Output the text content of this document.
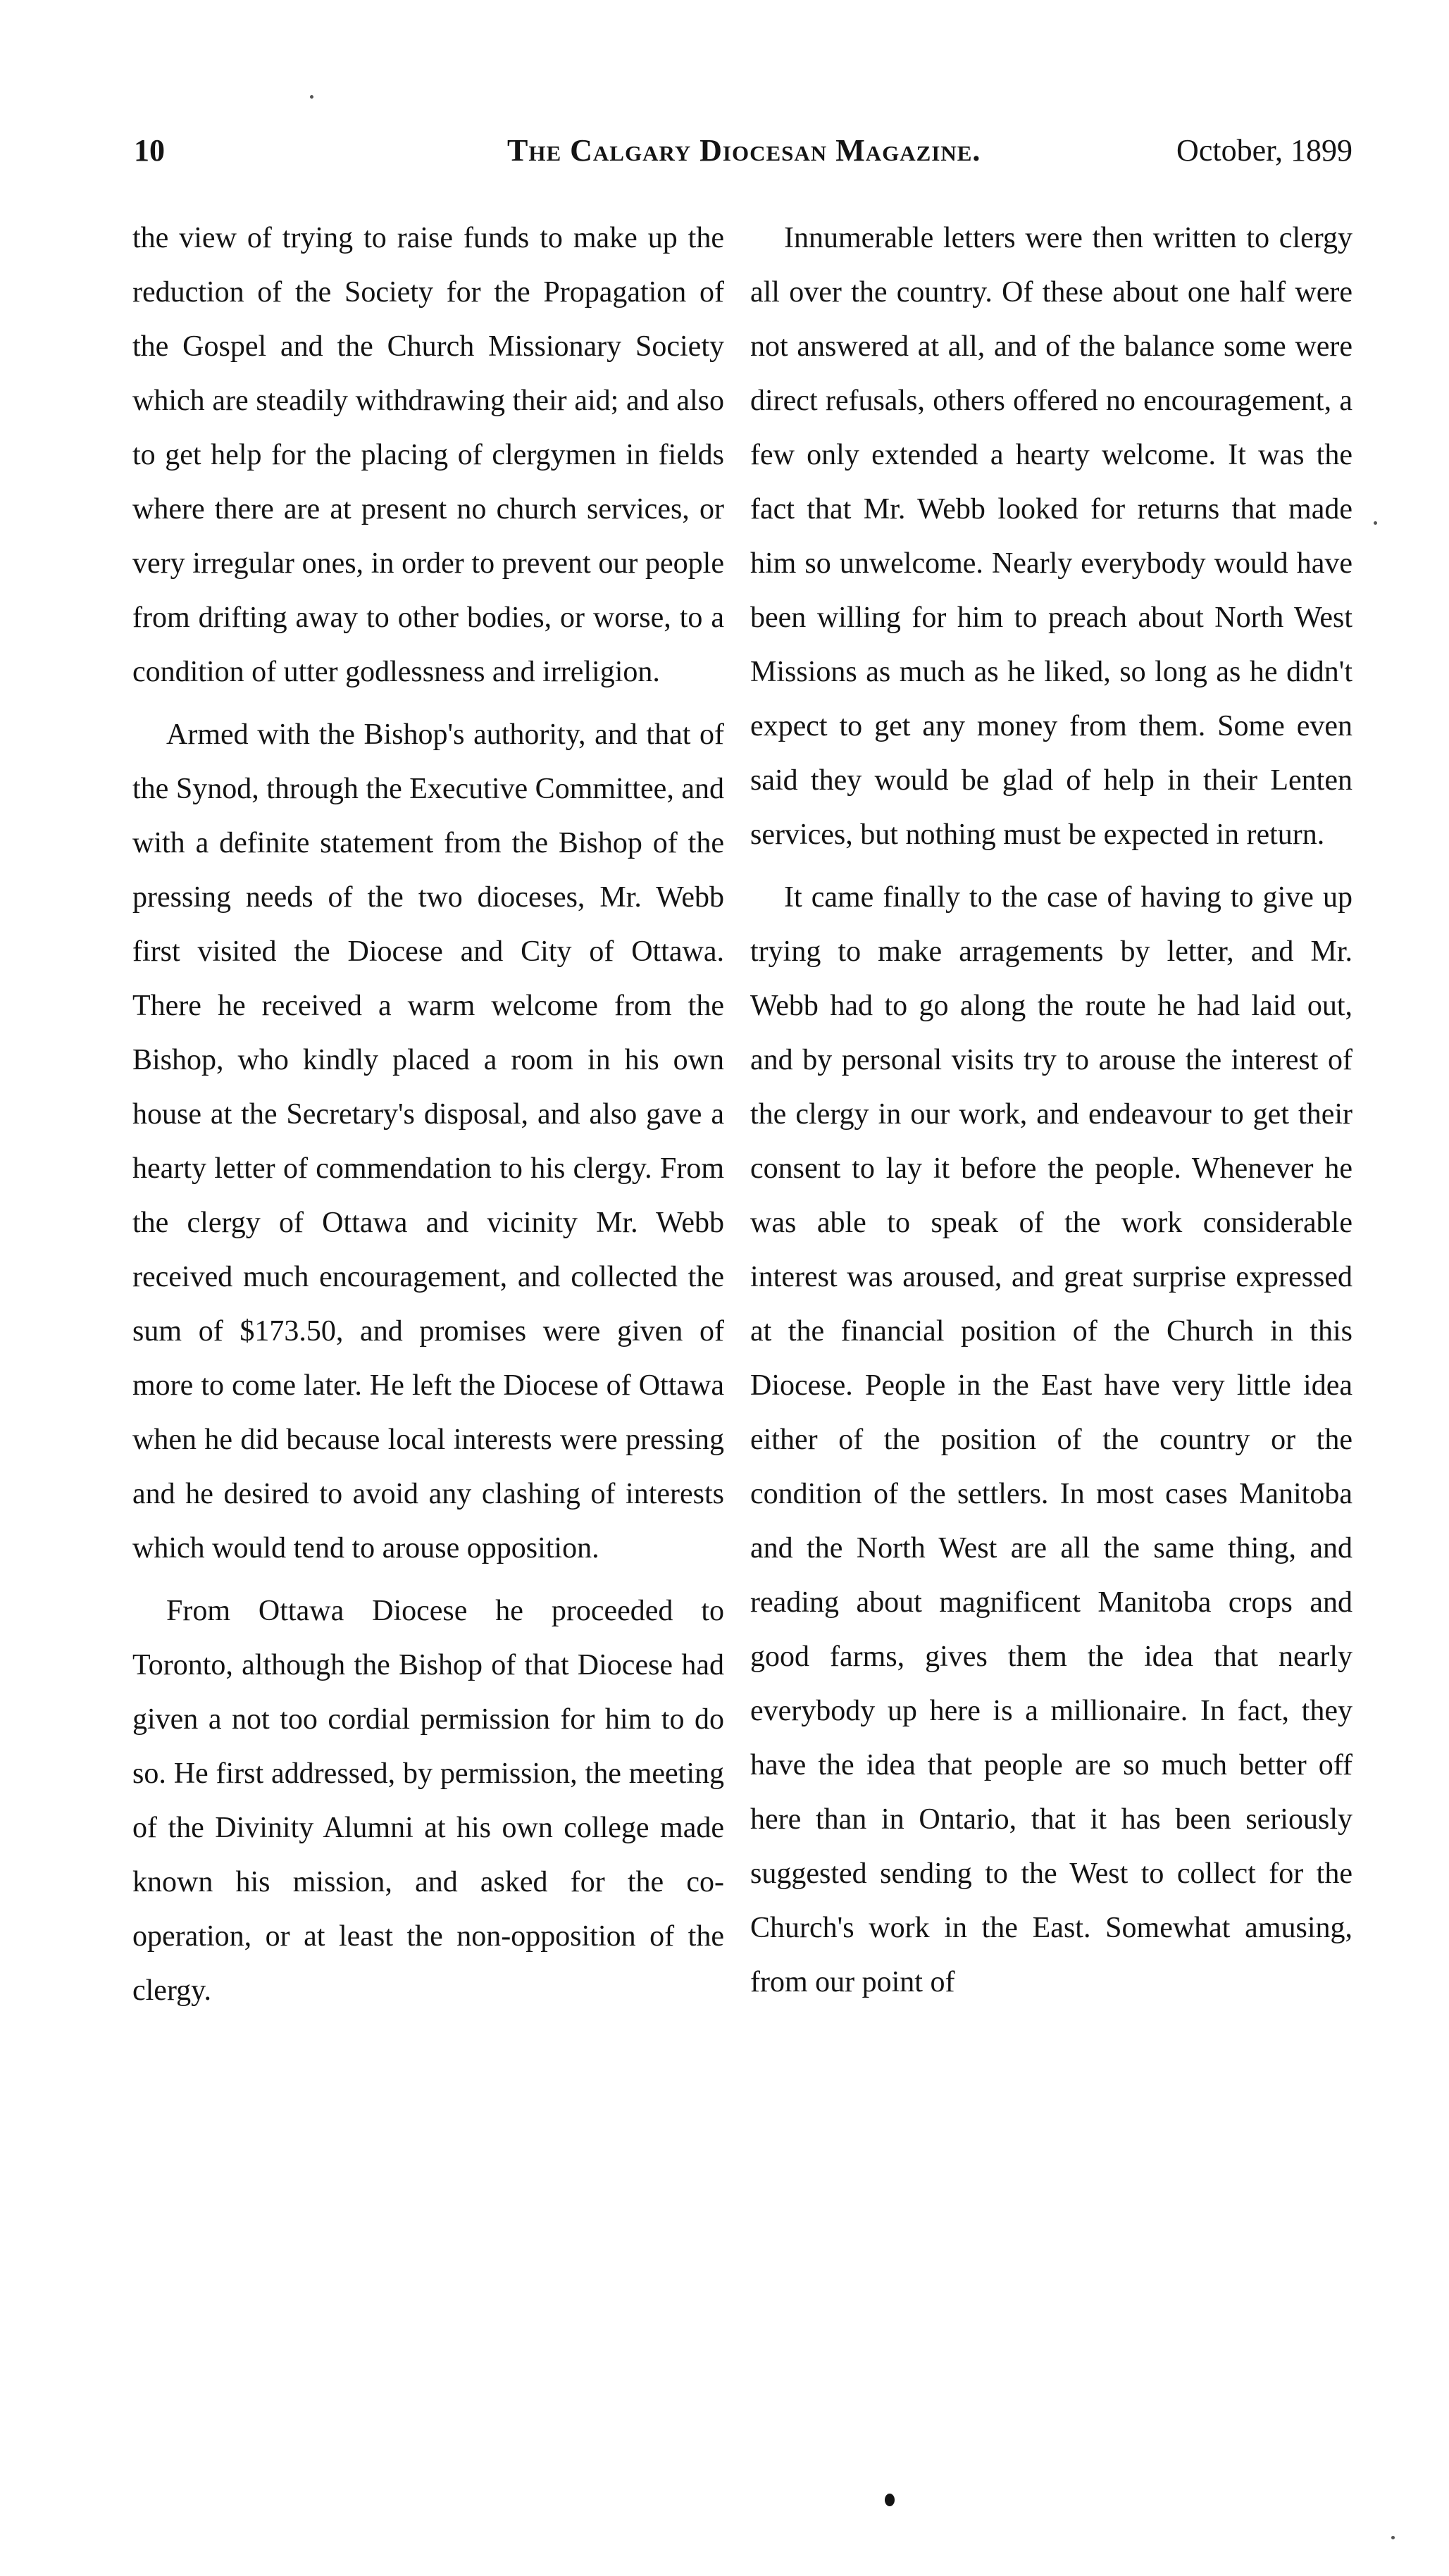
10	The Calgary Diocesan Magazine.	October, 1899

the view of trying to raise funds to make up the reduction of the Society for the Propagation of the Gospel and the Church Missionary Society which are steadily withdrawing their aid; and also to get help for the placing of clergymen in fields where there are at present no church services, or very irregular ones, in order to prevent our people from drifting away to other bodies, or worse, to a condition of utter godlessness and irreligion.

Armed with the Bishop's authority, and that of the Synod, through the Executive Committee, and with a definite statement from the Bishop of the pressing needs of the two dioceses, Mr. Webb first visited the Diocese and City of Ottawa. There he received a warm welcome from the Bishop, who kindly placed a room in his own house at the Secretary's disposal, and also gave a hearty letter of commendation to his clergy. From the clergy of Ottawa and vicinity Mr. Webb received much encouragement, and collected the sum of $173.50, and promises were given of more to come later. He left the Diocese of Ottawa when he did because local interests were pressing and he desired to avoid any clashing of interests which would tend to arouse opposition.

From Ottawa Diocese he proceeded to Toronto, although the Bishop of that Diocese had given a not too cordial permission for him to do so. He first addressed, by permission, the meeting of the Divinity Alumni at his own college made known his mission, and asked for the co-operation, or at least the non-opposition of the clergy.

Innumerable letters were then written to clergy all over the country. Of these about one half were not answered at all, and of the balance some were direct refusals, others offered no encouragement, a few only extended a hearty welcome. It was the fact that Mr. Webb looked for returns that made him so unwelcome. Nearly everybody would have been willing for him to preach about North West Missions as much as he liked, so long as he didn't expect to get any money from them. Some even said they would be glad of help in their Lenten services, but nothing must be expected in return.

It came finally to the case of having to give up trying to make arragements by letter, and Mr. Webb had to go along the route he had laid out, and by personal visits try to arouse the interest of the clergy in our work, and endeavour to get their consent to lay it before the people. Whenever he was able to speak of the work considerable interest was aroused, and great surprise expressed at the financial position of the Church in this Diocese. People in the East have very little idea either of the position of the country or the condition of the settlers. In most cases Manitoba and the North West are all the same thing, and reading about magnificent Manitoba crops and good farms, gives them the idea that nearly everybody up here is a millionaire. In fact, they have the idea that people are so much better off here than in Ontario, that it has been seriously suggested sending to the West to collect for the Church's work in the East. Somewhat amusing, from our point of
